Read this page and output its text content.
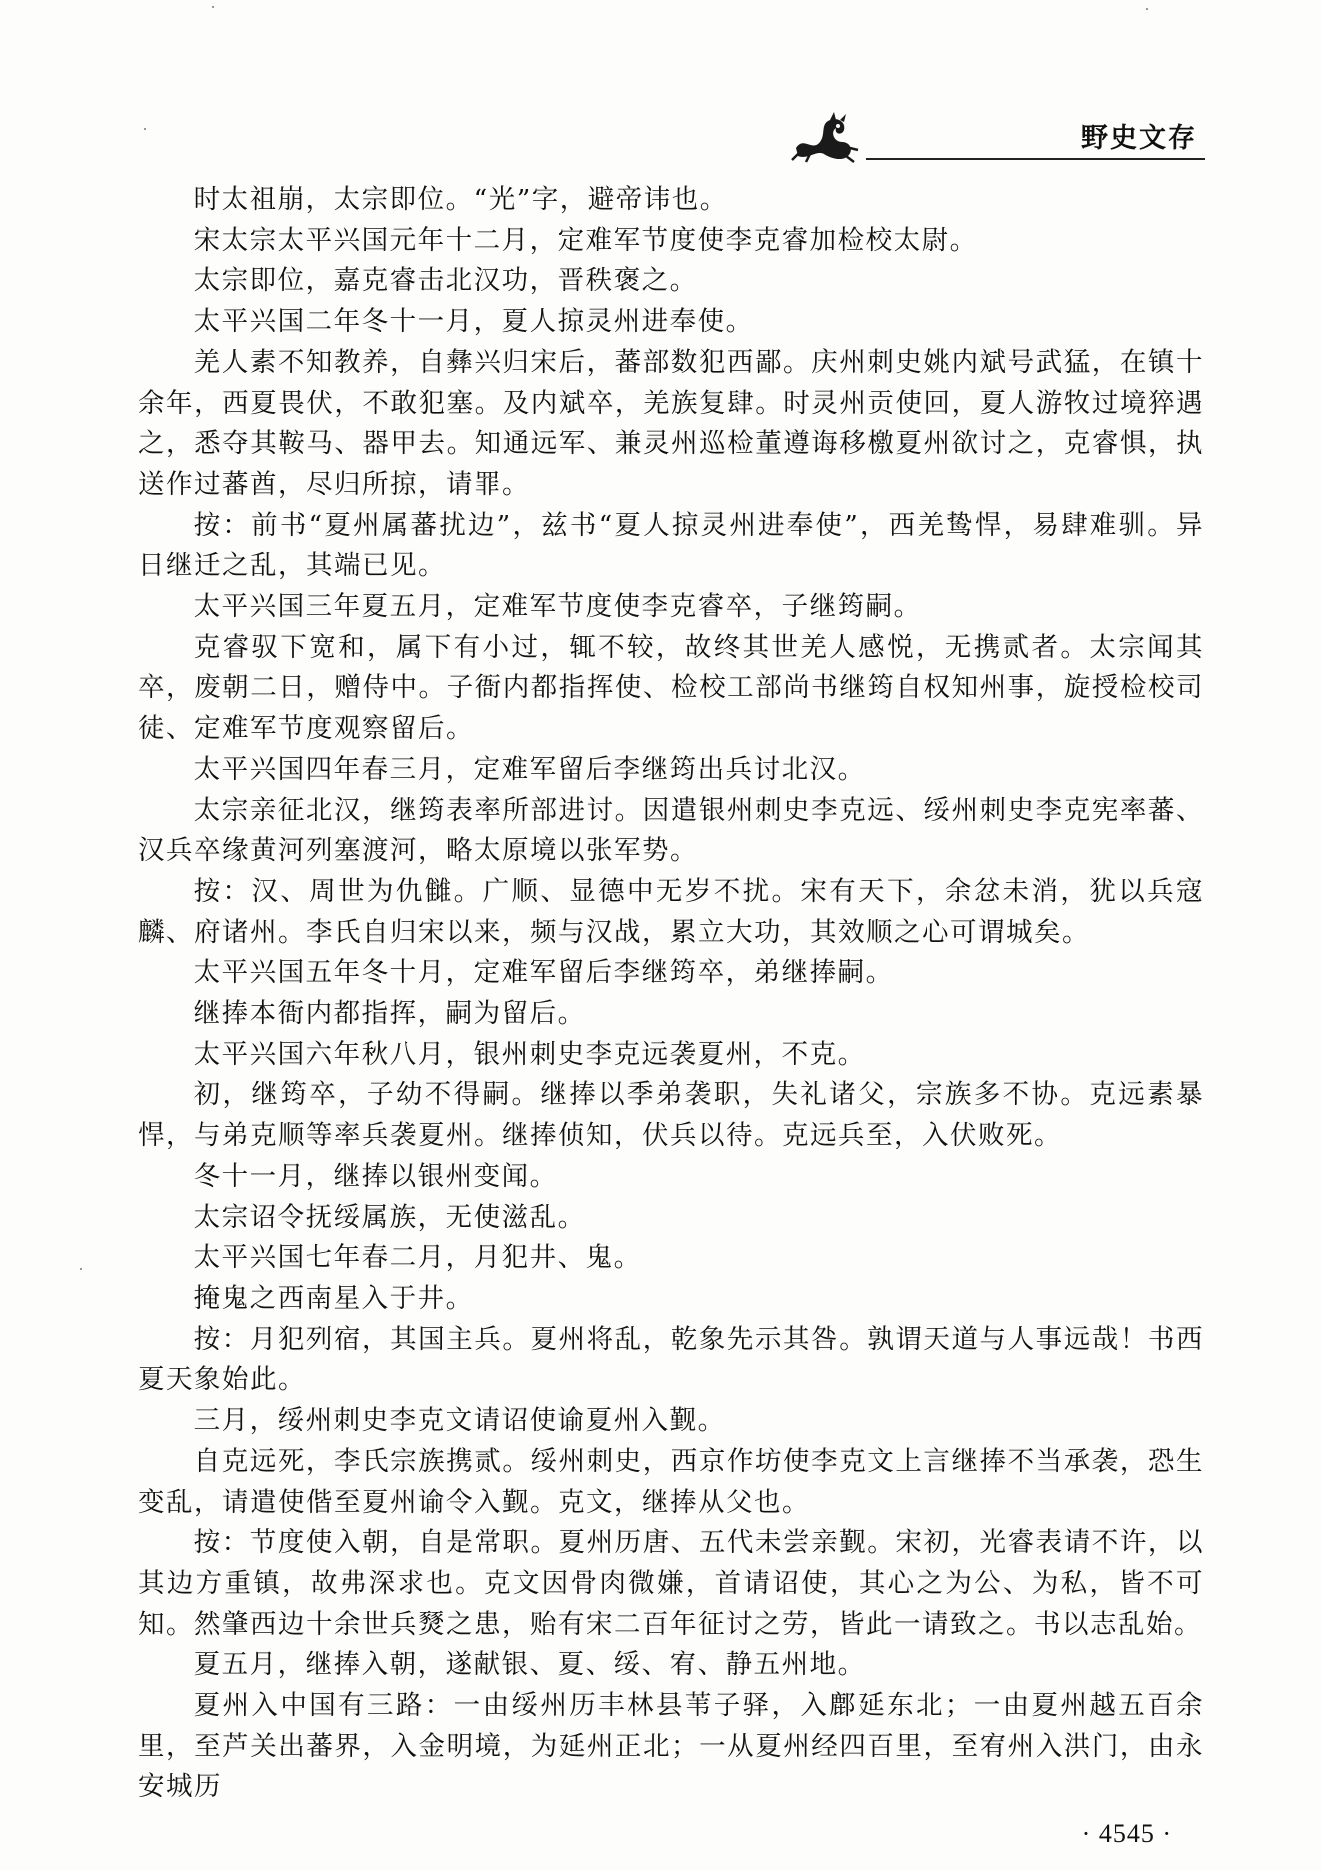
野史文存

时太祖崩，太宗即位。“光”字，避帝讳也。

宋太宗太平兴国元年十二月，定难军节度使李克睿加检校太尉。

太宗即位，嘉克睿击北汉功，晋秩褒之。

太平兴国二年冬十一月，夏人掠灵州进奉使。

羌人素不知教养，自彝兴归宋后，蕃部数犯西鄙。庆州刺史姚内斌号武猛，在镇十余年，西夏畏伏，不敢犯塞。及内斌卒，羌族复肆。时灵州贡使回，夏人游牧过境猝遇之，悉夺其鞍马、器甲去。知通远军、兼灵州巡检董遵诲移檄夏州欲讨之，克睿惧，执送作过蕃酋，尽归所掠，请罪。

按：前书“夏州属蕃扰边”，兹书“夏人掠灵州进奉使”，西羌鸷悍，易肆难驯。异日继迁之乱，其端已见。

太平兴国三年夏五月，定难军节度使李克睿卒，子继筠嗣。

克睿驭下宽和，属下有小过，辄不较，故终其世羌人感悦，无携贰者。太宗闻其卒，废朝二日，赠侍中。子衙内都指挥使、检校工部尚书继筠自权知州事，旋授检校司徒、定难军节度观察留后。

太平兴国四年春三月，定难军留后李继筠出兵讨北汉。

太宗亲征北汉，继筠表率所部进讨。因遣银州刺史李克远、绥州刺史李克宪率蕃、汉兵卒缘黄河列塞渡河，略太原境以张军势。

按：汉、周世为仇雠。广顺、显德中无岁不扰。宋有天下，余忿未消，犹以兵寇麟、府诸州。李氏自归宋以来，频与汉战，累立大功，其效顺之心可谓城矣。

太平兴国五年冬十月，定难军留后李继筠卒，弟继捧嗣。

继捧本衙内都指挥，嗣为留后。

太平兴国六年秋八月，银州刺史李克远袭夏州，不克。

初，继筠卒，子幼不得嗣。继捧以季弟袭职，失礼诸父，宗族多不协。克远素暴悍，与弟克顺等率兵袭夏州。继捧侦知，伏兵以待。克远兵至，入伏败死。

冬十一月，继捧以银州变闻。

太宗诏令抚绥属族，无使滋乱。

太平兴国七年春二月，月犯井、鬼。

掩鬼之西南星入于井。

按：月犯列宿，其国主兵。夏州将乱，乾象先示其咎。孰谓天道与人事远哉！书西夏天象始此。

三月，绥州刺史李克文请诏使谕夏州入觐。

自克远死，李氏宗族携贰。绥州刺史，西京作坊使李克文上言继捧不当承袭，恐生变乱，请遣使偕至夏州谕令入觐。克文，继捧从父也。

按：节度使入朝，自是常职。夏州历唐、五代未尝亲觐。宋初，光睿表请不许，以其边方重镇，故弗深求也。克文因骨肉微嫌，首请诏使，其心之为公、为私，皆不可知。然肇西边十余世兵燹之患，贻有宋二百年征讨之劳，皆此一请致之。书以志乱始。

夏五月，继捧入朝，遂献银、夏、绥、宥、静五州地。

夏州入中国有三路：一由绥州历丰林县苇子驿，入鄜延东北；一由夏州越五百余里，至芦关出蕃界，入金明境，为延州正北；一从夏州经四百里，至宥州入洪门，由永安城历

· 4545 ·
